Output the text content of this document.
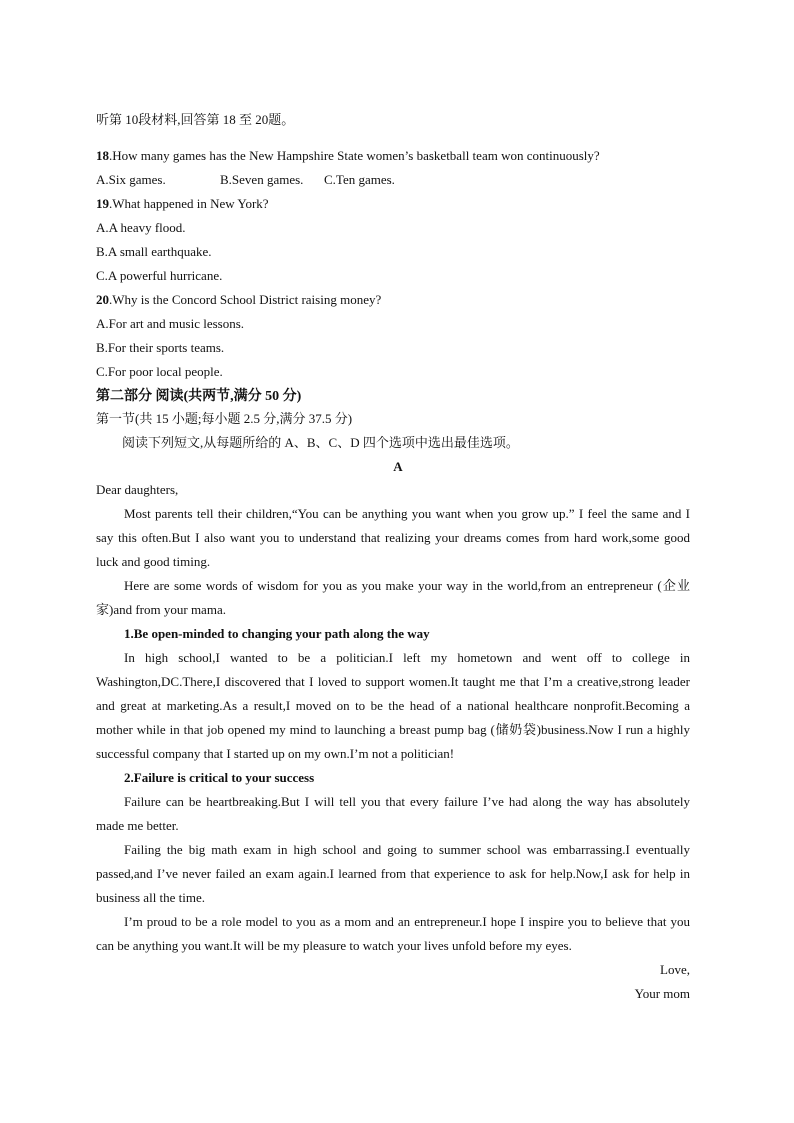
听第 10段材料,回答第 18 至 20题。
18.How many games has the New Hampshire State women’s basketball team won continuously?
A.Six games.	B.Seven games. C.Ten games.
19.What happened in New York?
A.A heavy flood.
B.A small earthquake.
C.A powerful hurricane.
20.Why is the Concord School District raising money?
A.For art and music lessons.
B.For their sports teams.
C.For poor local people.
第二部分 阅读(共两节,满分 50 分)
第一节(共 15 小题;每小题 2.5 分,满分 37.5 分)
阅读下列短文,从每题所给的 A、B、C、D 四个选项中选出最佳选项。
A
Dear daughters,
Most parents tell their children,“You can be anything you want when you grow up.” I feel the same and I say this often.But I also want you to understand that realizing your dreams comes from hard work,some good luck and good timing.
Here are some words of wisdom for you as you make your way in the world,from an entrepreneur (企业家)and from your mama.
1.Be open-minded to changing your path along the way
In high school,I wanted to be a politician.I left my hometown and went off to college in Washington,DC.There,I discovered that I loved to support women.It taught me that I’m a creative,strong leader and great at marketing.As a result,I moved on to be the head of a national healthcare nonprofit.Becoming a mother while in that job opened my mind to launching a breast pump bag (储奶袋)business.Now I run a highly successful company that I started up on my own.I’m not a politician!
2.Failure is critical to your success
Failure can be heartbreaking.But I will tell you that every failure I’ve had along the way has absolutely made me better.
Failing the big math exam in high school and going to summer school was embarrassing.I eventually passed,and I’ve never failed an exam again.I learned from that experience to ask for help.Now,I ask for help in business all the time.
I’m proud to be a role model to you as a mom and an entrepreneur.I hope I inspire you to believe that you can be anything you want.It will be my pleasure to watch your lives unfold before my eyes.
Love,
Your mom
